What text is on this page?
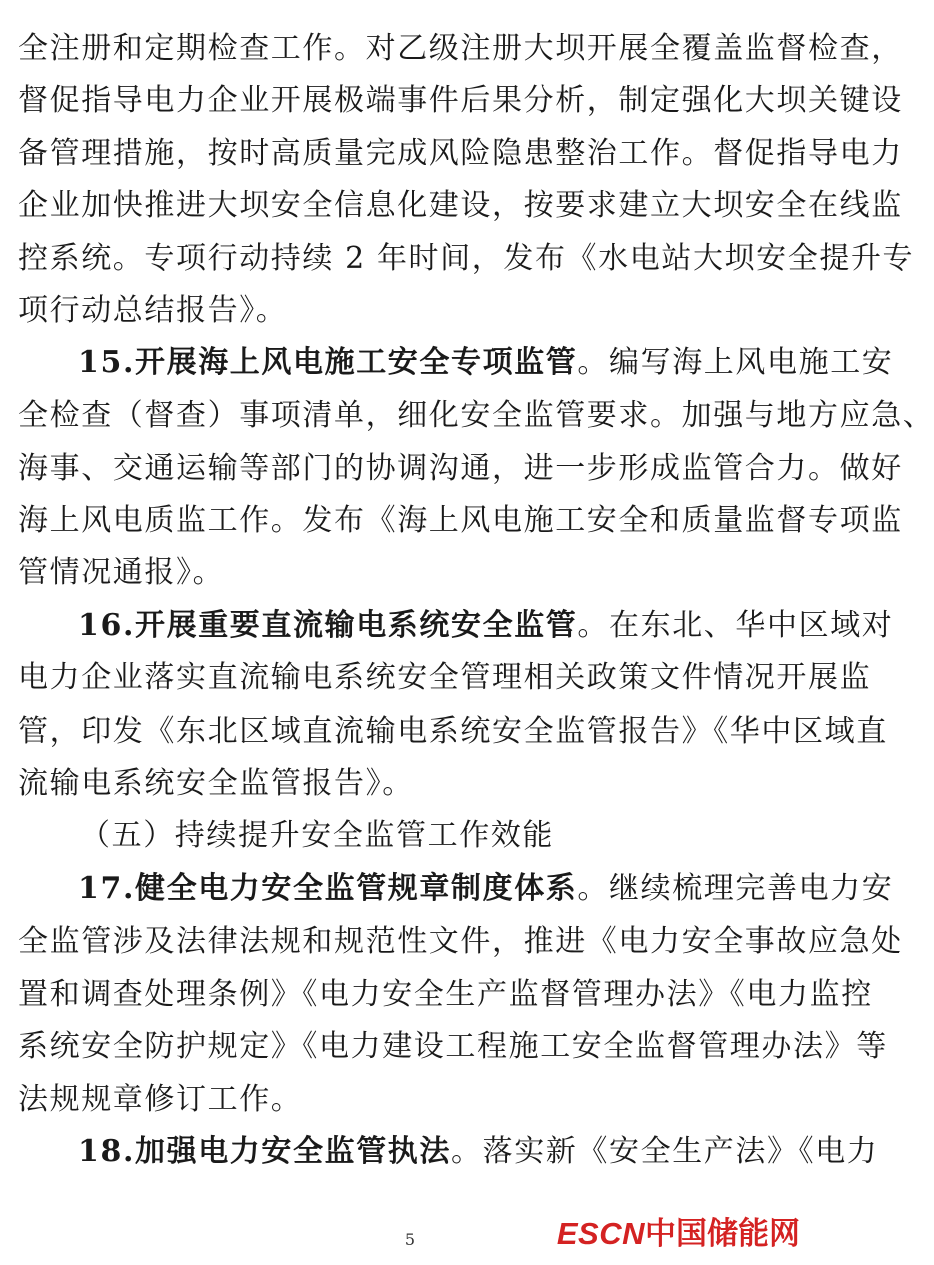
全注册和定期检查工作。对乙级注册大坝开展全覆盖监督检查，
督促指导电力企业开展极端事件后果分析，制定强化大坝关键设
备管理措施，按时高质量完成风险隐患整治工作。督促指导电力
企业加快推进大坝安全信息化建设，按要求建立大坝安全在线监
控系统。专项行动持续 2 年时间，发布《水电站大坝安全提升专
项行动总结报告》。
15.开展海上风电施工安全专项监管。编写海上风电施工安
全检查（督查）事项清单，细化安全监管要求。加强与地方应急、
海事、交通运输等部门的协调沟通，进一步形成监管合力。做好
海上风电质监工作。发布《海上风电施工安全和质量监督专项监
管情况通报》。
16.开展重要直流输电系统安全监管。在东北、华中区域对
电力企业落实直流输电系统安全管理相关政策文件情况开展监
管，印发《东北区域直流输电系统安全监管报告》《华中区域直
流输电系统安全监管报告》。
（五）持续提升安全监管工作效能
17.健全电力安全监管规章制度体系。继续梳理完善电力安
全监管涉及法律法规和规范性文件，推进《电力安全事故应急处
置和调查处理条例》《电力安全生产监督管理办法》《电力监控
系统安全防护规定》《电力建设工程施工安全监督管理办法》等
法规规章修订工作。
18.加强电力安全监管执法。落实新《安全生产法》《电力
5	ESCN中国储能网
